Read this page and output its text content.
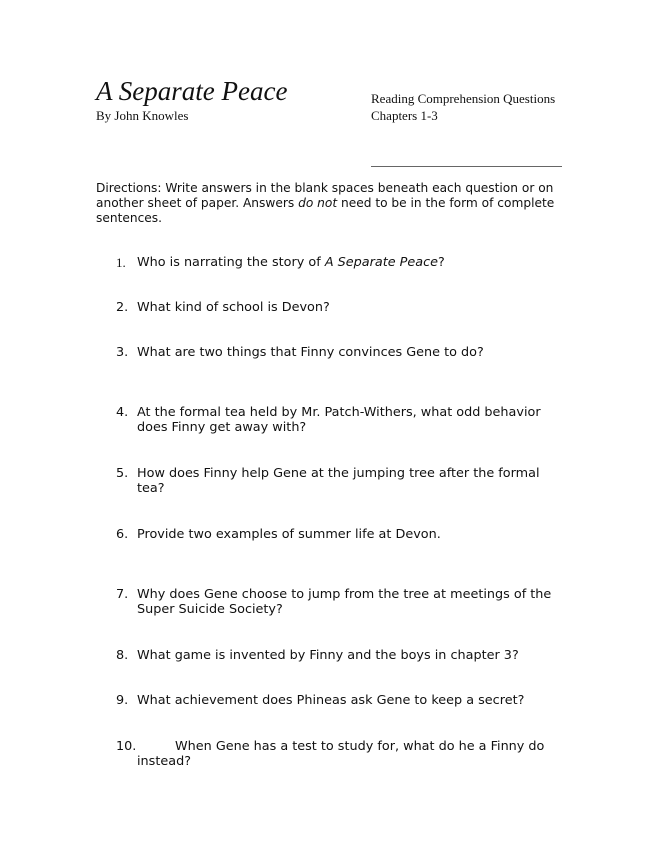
A Separate Peace
By John Knowles
Reading Comprehension Questions
Chapters 1-3
Directions: Write answers in the blank spaces beneath each question or on another sheet of paper. Answers do not need to be in the form of complete sentences.
1. Who is narrating the story of A Separate Peace?
2. What kind of school is Devon?
3. What are two things that Finny convinces Gene to do?
4. At the formal tea held by Mr. Patch-Withers, what odd behavior does Finny get away with?
5. How does Finny help Gene at the jumping tree after the formal tea?
6. Provide two examples of summer life at Devon.
7. Why does Gene choose to jump from the tree at meetings of the Super Suicide Society?
8. What game is invented by Finny and the boys in chapter 3?
9. What achievement does Phineas ask Gene to keep a secret?
10.	When Gene has a test to study for, what do he a Finny do instead?
